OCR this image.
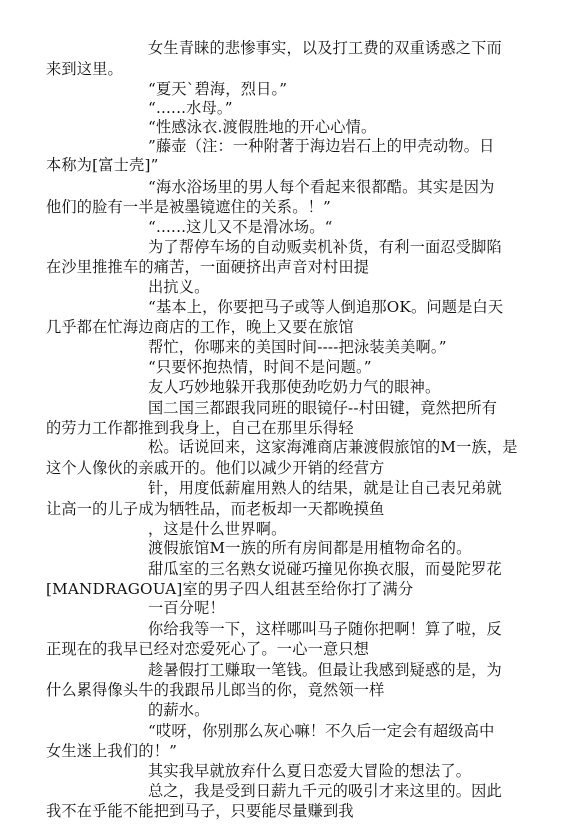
女生青睐的悲惨事实，以及打工费的双重诱惑之下而
来到这里。
“夏天`碧海，烈日。”
“......水母。”
“性感泳衣.渡假胜地的开心心情。
”藤壶（注：一种附著于海边岩石上的甲壳动物。日
本称为[富士壳]”
“海水浴场里的男人每个看起来很都酷。其实是因为
他们的脸有一半是被墨镜遮住的关系。！”
“......这儿又不是滑冰场。“
为了帮停车场的自动贩卖机补货，有利一面忍受脚陷
在沙里推推车的痛苦，一面硬挤出声音对村田提
出抗义。
“基本上，你要把马子或等人倒追那OK。问题是白天
几乎都在忙海边商店的工作，晚上又要在旅馆
帮忙，你哪来的美国时间----把泳装美美啊。”
“只要怀抱热情，时间不是问题。”
友人巧妙地躲开我那使劲吃奶力气的眼神。
国二国三都跟我同班的眼镜仔--村田键，竟然把所有
的劳力工作都推到我身上，自己在那里乐得轻
松。话说回来，这家海滩商店兼渡假旅馆的M一族，是
这个人像伙的亲戚开的。他们以减少开销的经营方
针，用度低薪雇用熟人的结果，就是让自己表兄弟就
让高一的儿子成为牺牲品，而老板却一天都晚摸鱼
，这是什么世界啊。
渡假旅馆M一族的所有房间都是用植物命名的。
甜瓜室的三名熟女说碰巧撞见你换衣服，而曼陀罗花
[MANDRAGOUA]室的男子四人组甚至给你打了满分
一百分呢！
你给我等一下，这样哪叫马子随你把啊！算了啦，反
正现在的我早已经对恋爱死心了。一心一意只想
趁暑假打工赚取一笔钱。但最让我感到疑惑的是，为
什么累得像头牛的我跟吊儿郎当的你，竟然领一样
的薪水。
“哎呀，你别那么灰心嘛！不久后一定会有超级高中
女生迷上我们的！”
其实我早就放弃什么夏日恋爱大冒险的想法了。
总之，我是受到日薪九千元的吸引才来这里的。因此
我不在乎能不能把到马子，只要能尽量赚到我
